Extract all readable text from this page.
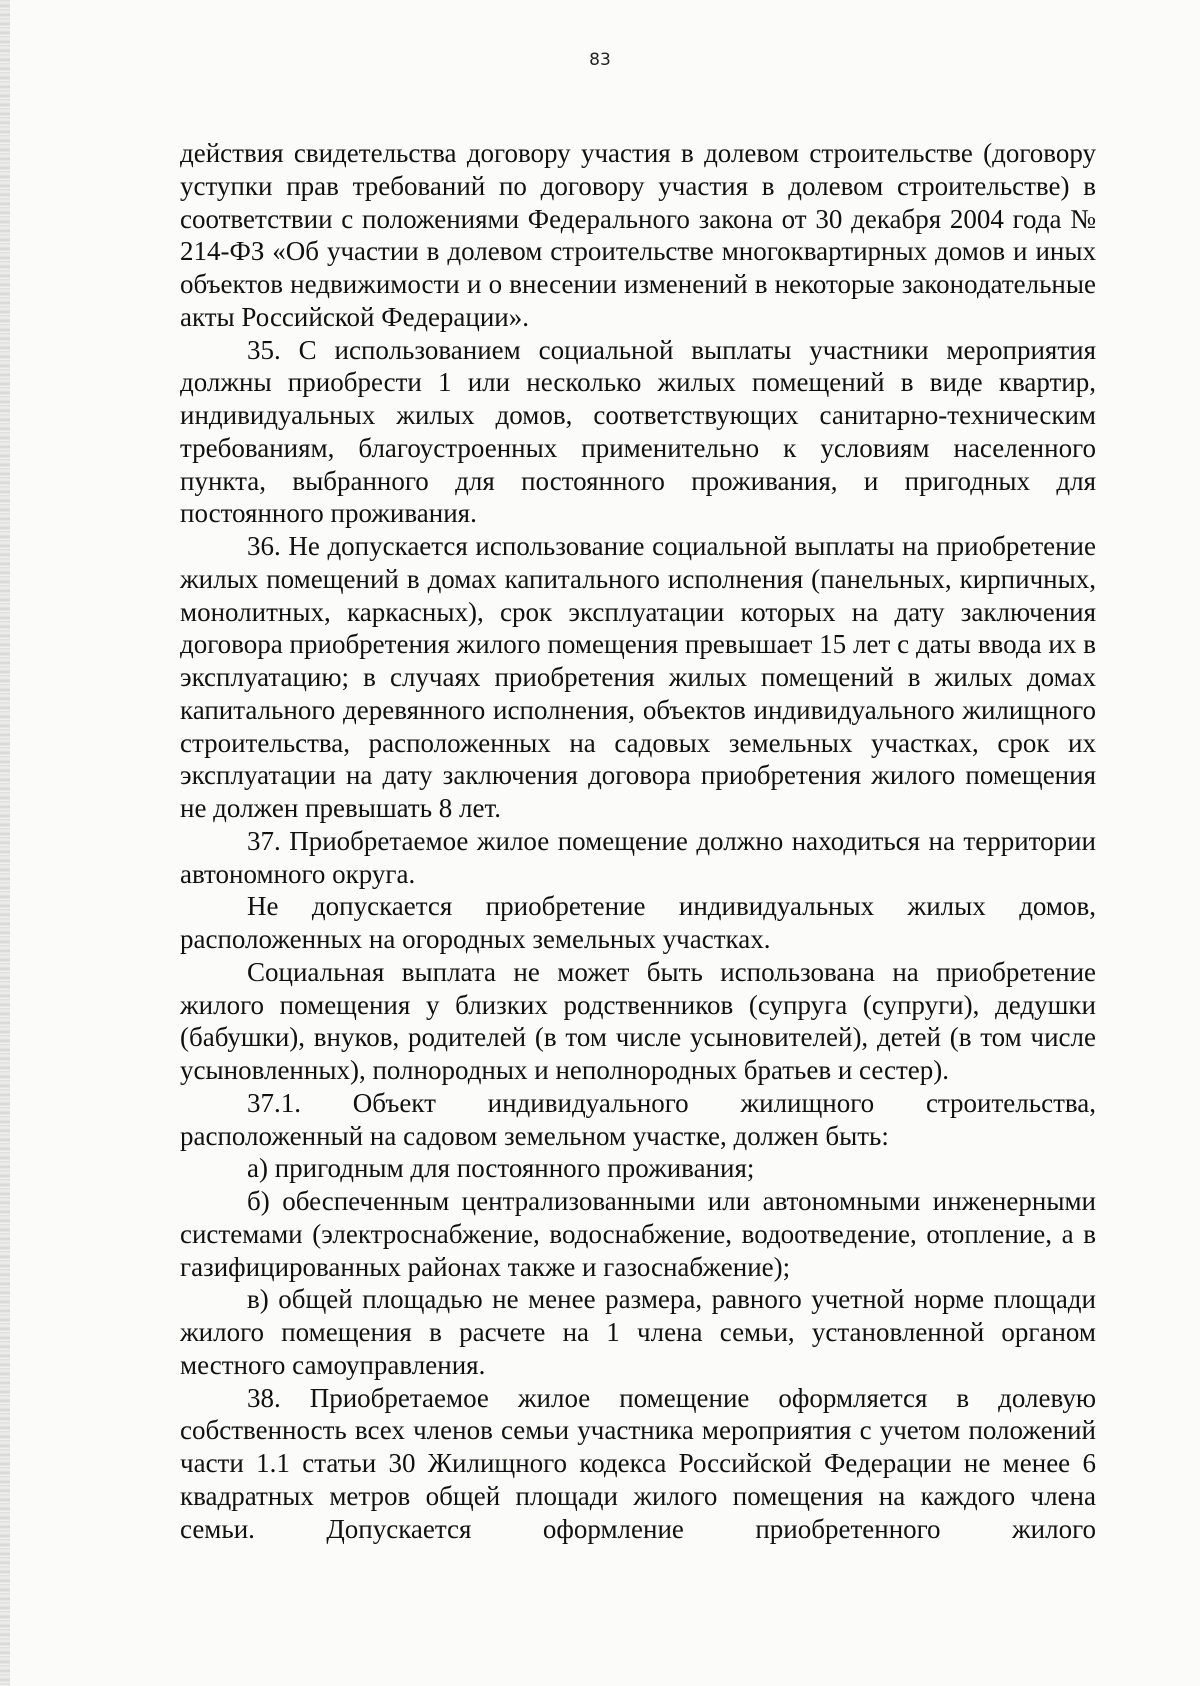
83

действия свидетельства договору участия в долевом строительстве (договору уступки прав требований по договору участия в долевом строительстве) в соответствии с положениями Федерального закона от 30 декабря 2004 года № 214-ФЗ «Об участии в долевом строительстве многоквартирных домов и иных объектов недвижимости и о внесении изменений в некоторые законодательные акты Российской Федерации».

35. С использованием социальной выплаты участники мероприятия должны приобрести 1 или несколько жилых помещений в виде квартир, индивидуальных жилых домов, соответствующих санитарно-техническим требованиям, благоустроенных применительно к условиям населенного пункта, выбранного для постоянного проживания, и пригодных для постоянного проживания.

36. Не допускается использование социальной выплаты на приобретение жилых помещений в домах капитального исполнения (панельных, кирпичных, монолитных, каркасных), срок эксплуатации которых на дату заключения договора приобретения жилого помещения превышает 15 лет с даты ввода их в эксплуатацию; в случаях приобретения жилых помещений в жилых домах капитального деревянного исполнения, объектов индивидуального жилищного строительства, расположенных на садовых земельных участках, срок их эксплуатации на дату заключения договора приобретения жилого помещения не должен превышать 8 лет.

37. Приобретаемое жилое помещение должно находиться на территории автономного округа.

Не допускается приобретение индивидуальных жилых домов, расположенных на огородных земельных участках.

Социальная выплата не может быть использована на приобретение жилого помещения у близких родственников (супруга (супруги), дедушки (бабушки), внуков, родителей (в том числе усыновителей), детей (в том числе усыновленных), полнородных и неполнородных братьев и сестер).

37.1. Объект индивидуального жилищного строительства, расположенный на садовом земельном участке, должен быть:

а) пригодным для постоянного проживания;

б) обеспеченным централизованными или автономными инженерными системами (электроснабжение, водоснабжение, водоотведение, отопление, а в газифицированных районах также и газоснабжение);

в) общей площадью не менее размера, равного учетной норме площади жилого помещения в расчете на 1 члена семьи, установленной органом местного самоуправления.

38. Приобретаемое жилое помещение оформляется в долевую собственность всех членов семьи участника мероприятия с учетом положений части 1.1 статьи 30 Жилищного кодекса Российской Федерации не менее 6 квадратных метров общей площади жилого помещения на каждого члена семьи. Допускается оформление приобретенного жилого
